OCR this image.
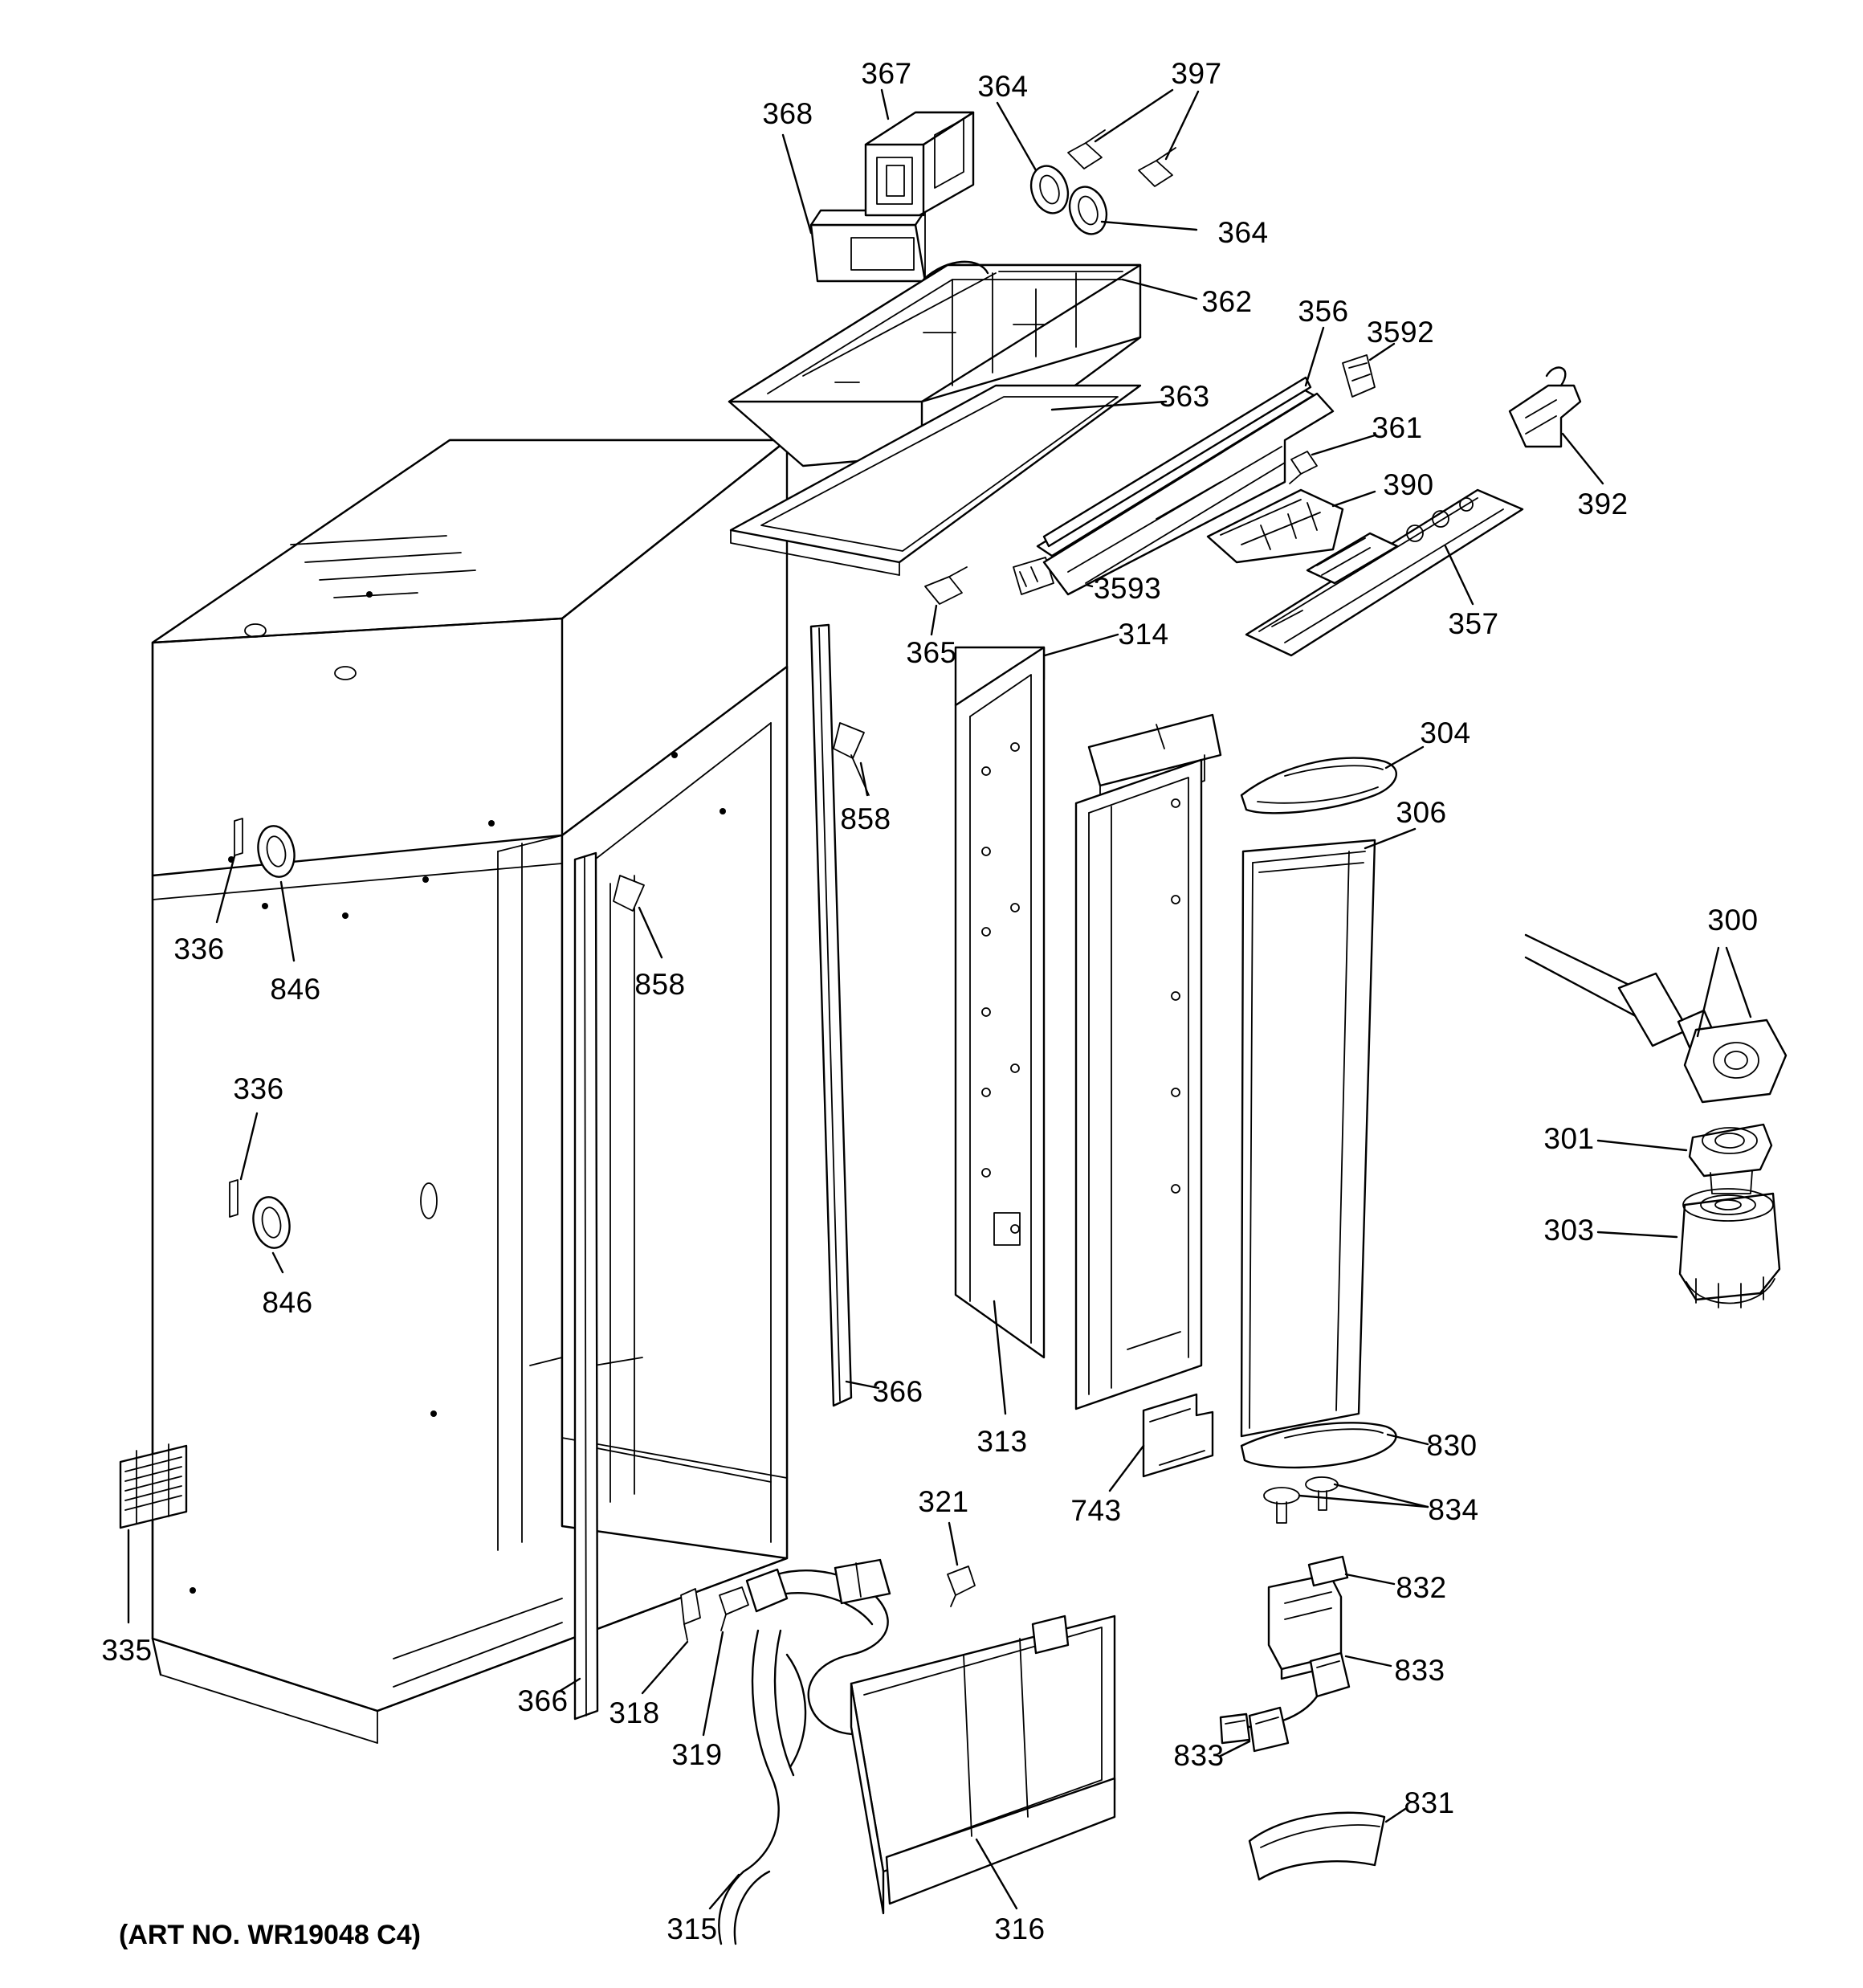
368
367 364	397
364
362 356
3592
363
361
390
392
3593
357
365
314
304
306
300
858
336
846	858
301
303
336
846
366
313	830
743	834
335
321
832
833
833
366 318
319
831
315	316
(ART NO. WR19048 C4)
